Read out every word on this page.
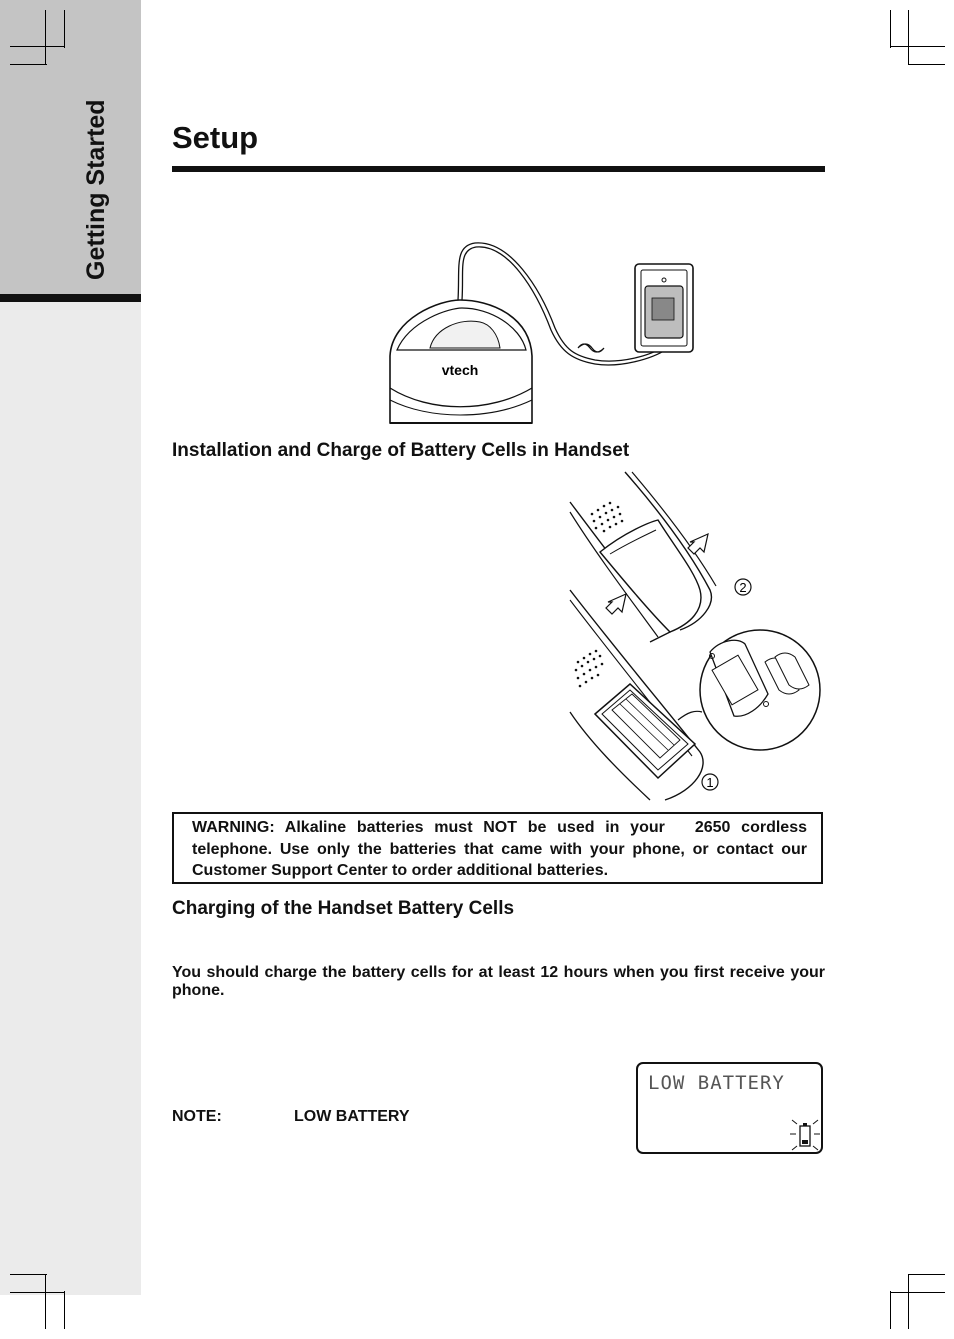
Getting Started Setup
vtech
Installation and Charge of Battery Cells in Handset
2
1
WARNING: Alkaline batteries must NOT be used in your 2650 cordless telephone. Use only the batteries that came with your phone, or contact our Customer Support Center to order additional batteries.
Charging of the Handset Battery Cells

You should charge the battery cells for at least 12 hours when you first receive your phone.

NOTE:	LOW BATTERY
LOW BATTERY
